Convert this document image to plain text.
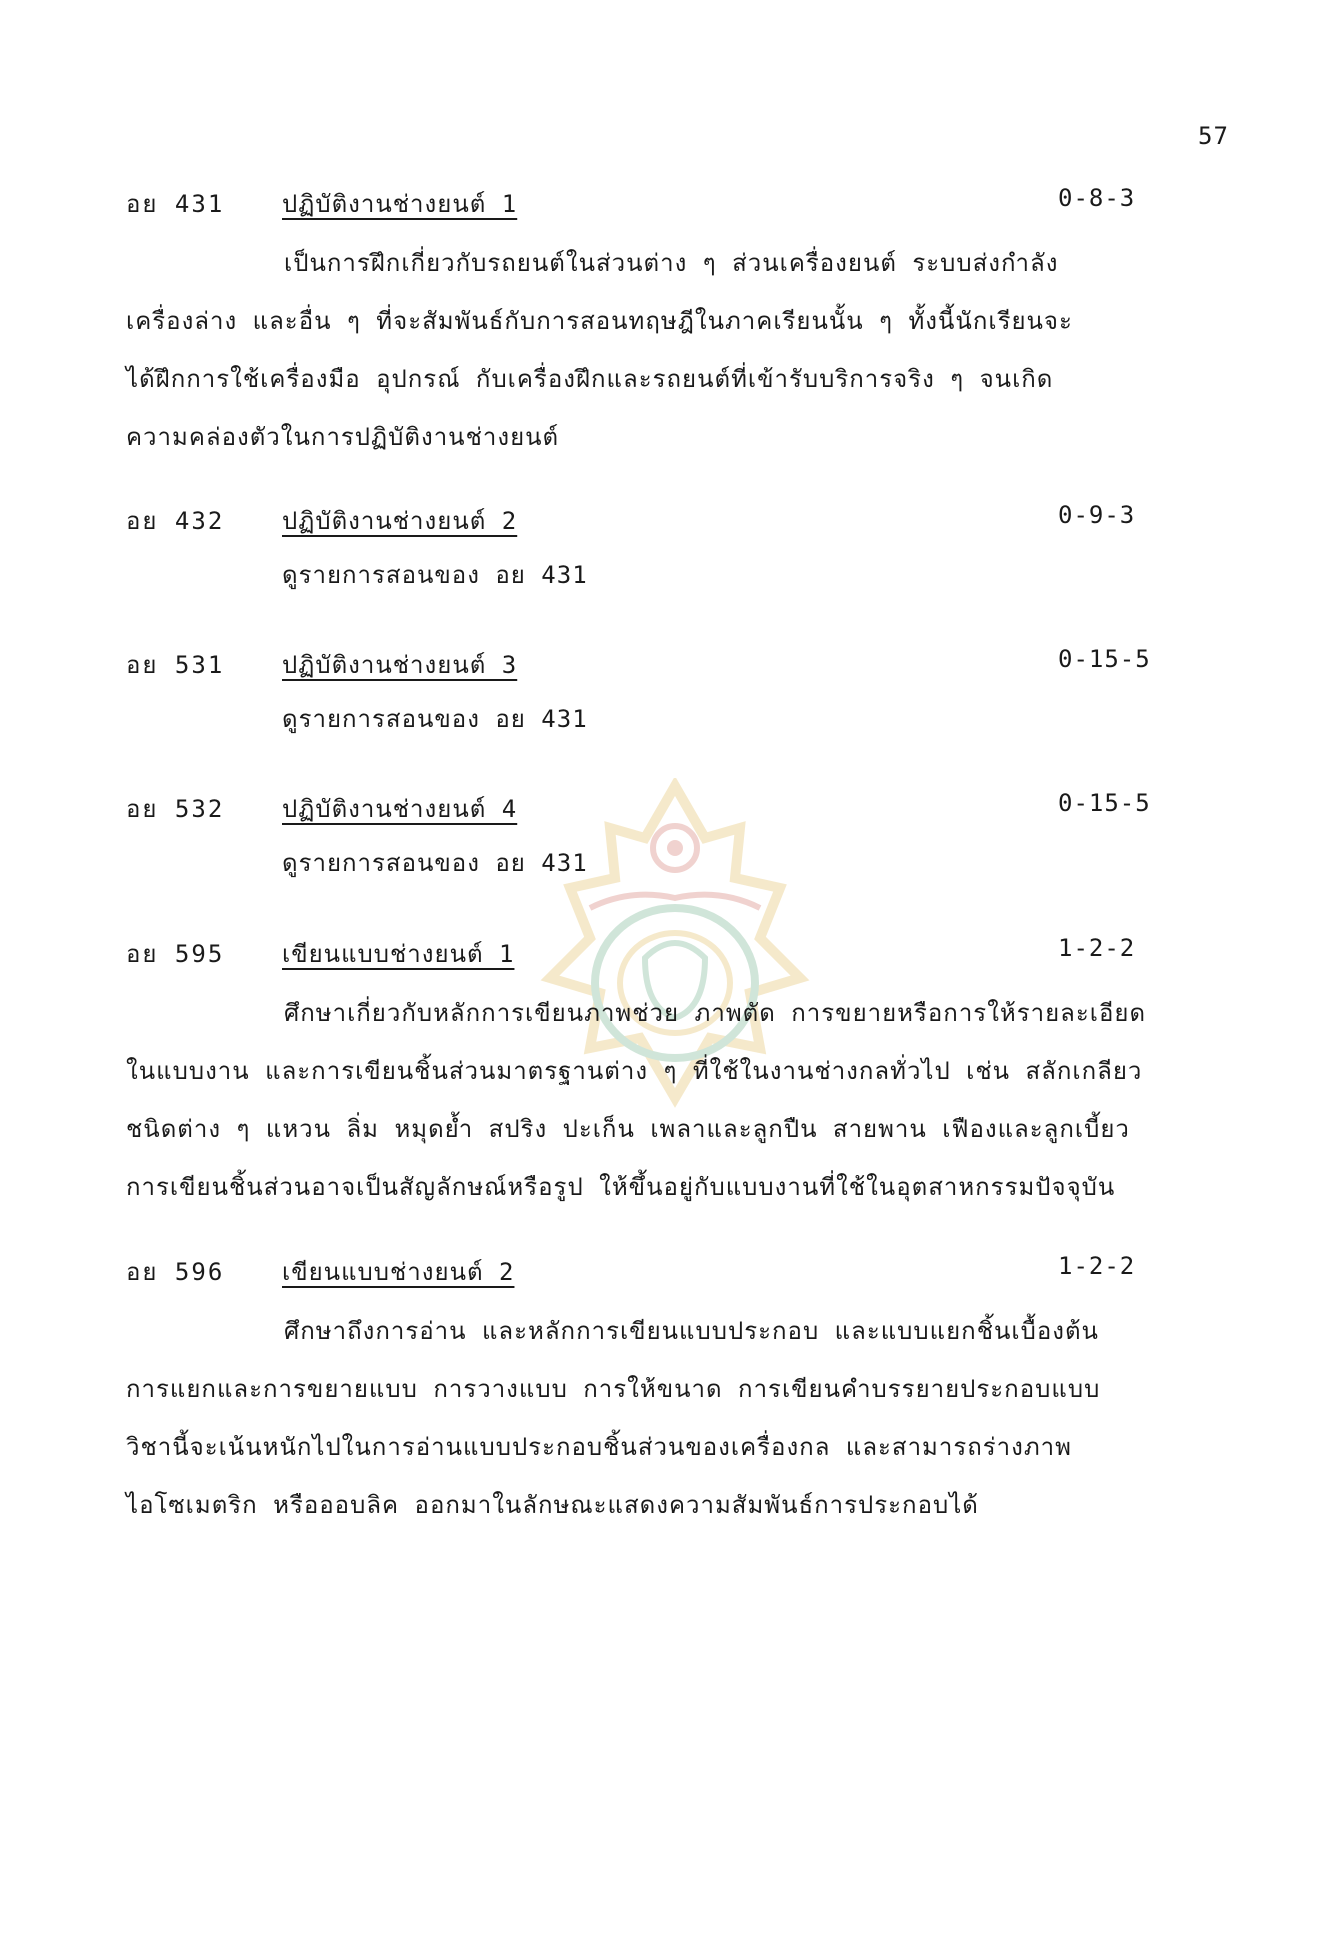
57
อย 431 ปฏิบัติงานช่างยนต์ 1	0-8-3
เป็นการฝึกเกี่ยวกับรถยนต์ในส่วนต่าง ๆ ส่วนเครื่องยนต์ ระบบส่งกำลัง
เครื่องล่าง และอื่น ๆ ที่จะสัมพันธ์กับการสอนทฤษฎีในภาคเรียนนั้น ๆ ทั้งนี้นักเรียนจะ
ได้ฝึกการใช้เครื่องมือ อุปกรณ์ กับเครื่องฝึกและรถยนต์ที่เข้ารับบริการจริง ๆ จนเกิด
ความคล่องตัวในการปฏิบัติงานช่างยนต์
อย 432 ปฏิบัติงานช่างยนต์ 2	0-9-3
ดูรายการสอนของ อย 431
อย 531 ปฏิบัติงานช่างยนต์ 3	0-15-5
ดูรายการสอนของ อย 431
อย 532 ปฏิบัติงานช่างยนต์ 4	0-15-5
ดูรายการสอนของ อย 431
อย 595 เขียนแบบช่างยนต์ 1	1-2-2
ศึกษาเกี่ยวกับหลักการเขียนภาพช่วย ภาพตัด การขยายหรือการให้รายละเอียด
ในแบบงาน และการเขียนชิ้นส่วนมาตรฐานต่าง ๆ ที่ใช้ในงานช่างกลทั่วไป เช่น สลักเกลียว
ชนิดต่าง ๆ แหวน ลิ่ม หมุดย้ำ สปริง ปะเก็น เพลาและลูกปืน สายพาน เฟืองและลูกเบี้ยว
การเขียนชิ้นส่วนอาจเป็นสัญลักษณ์หรือรูป ให้ขึ้นอยู่กับแบบงานที่ใช้ในอุตสาหกรรมปัจจุบัน
อย 596 เขียนแบบช่างยนต์ 2	1-2-2
ศึกษาถึงการอ่าน และหลักการเขียนแบบประกอบ และแบบแยกชิ้นเบื้องต้น
การแยกและการขยายแบบ การวางแบบ การให้ขนาด การเขียนคำบรรยายประกอบแบบ
วิชานี้จะเน้นหนักไปในการอ่านแบบประกอบชิ้นส่วนของเครื่องกล และสามารถร่างภาพ
ไอโซเมตริก หรือออบลิค ออกมาในลักษณะแสดงความสัมพันธ์การประกอบได้
